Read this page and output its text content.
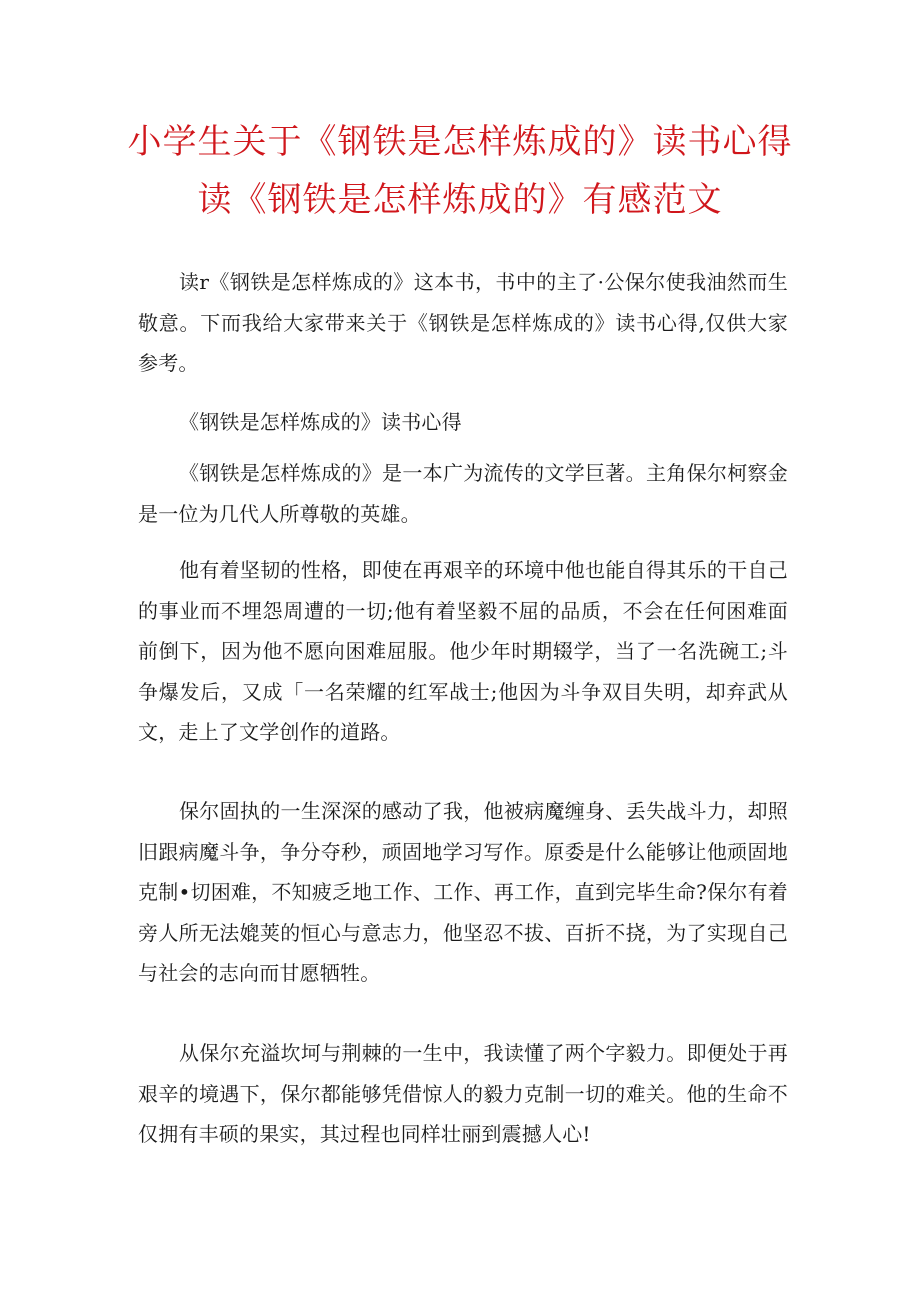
小学生关于《钢铁是怎样炼成的》读书心得
读《钢铁是怎样炼成的》有感范文

读r《钢铁是怎样炼成的》这本书，书中的主了·公保尔使我油然而生敬意。下而我给大家带来关于《钢铁是怎样炼成的》读书心得,仅供大家参考。

《钢铁是怎样炼成的》读书心得

《钢铁是怎样炼成的》是一本广为流传的文学巨著。主角保尔柯察金是一位为几代人所尊敬的英雄。

他有着坚韧的性格，即使在再艰辛的环境中他也能自得其乐的干自己的事业而不埋怨周遭的一切;他有着坚毅不屈的品质，不会在任何困难面前倒下，因为他不愿向困难屈服。他少年时期辍学，当了一名洗碗工;斗争爆发后，又成「一名荣耀的红军战士;他因为斗争双目失明，却弃武从文，走上了文学创作的道路。

保尔固执的一生深深的感动了我，他被病魔缠身、丢失战斗力，却照旧跟病魔斗争，争分夺秒，顽固地学习写作。原委是什么能够让他顽固地克制•切困难，不知疲乏地工作、工作、再工作，直到完毕生命?保尔有着旁人所无法媲荚的恒心与意志力，他坚忍不拔、百折不挠，为了实现自己与社会的志向而甘愿牺牲。

从保尔充溢坎坷与荆棘的一生中，我读懂了两个字毅力。即便处于再艰辛的境遇下，保尔都能够凭借惊人的毅力克制一切的难关。他的生命不仅拥有丰硕的果实，其过程也同样壮丽到震撼人心!
